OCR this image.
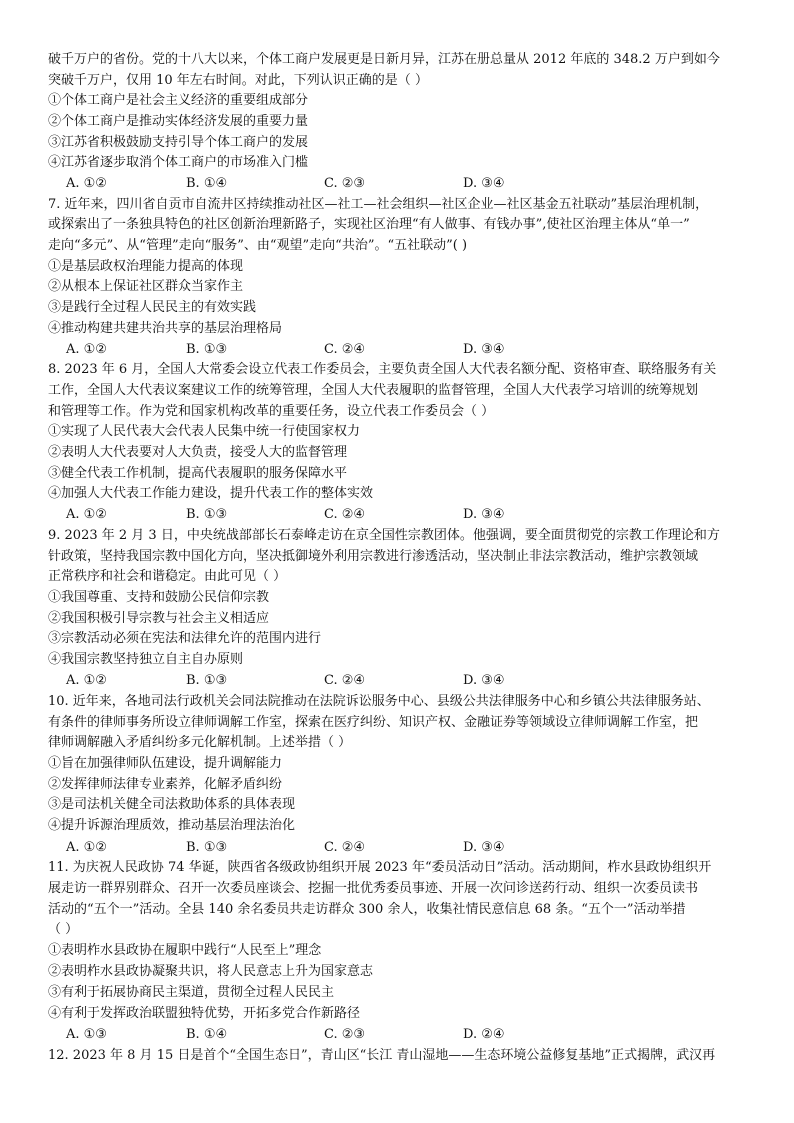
破千万户的省份。党的十八大以来，个体工商户发展更是日新月异，江苏在册总量从 2012 年底的 348.2 万户到如今
突破千万户，仅用 10 年左右时间。对此，下列认识正确的是（ ）
①个体工商户是社会主义经济的重要组成部分
②个体工商户是推动实体经济发展的重要力量
③江苏省积极鼓励支持引导个体工商户的发展
④江苏省逐步取消个体工商户的市场准入门槛
A. ①②	B. ①④	C. ②③	D. ③④
7. 近年来，四川省自贡市自流井区持续推动社区—社工—社会组织—社区企业—社区基金五社联动”基层治理机制，
或探索出了一条独具特色的社区创新治理新路子，实现社区治理“有人做事、有钱办事”,使社区治理主体从“单一”
走向“多元”、从“管理”走向“服务”、由“观望”走向“共治”。“五社联动”( )
①是基层政权治理能力提高的体现
②从根本上保证社区群众当家作主
③是践行全过程人民民主的有效实践
④推动构建共建共治共享的基层治理格局
A. ①②	B. ①③	C. ②④	D. ③④
8. 2023 年 6 月，全国人大常委会设立代表工作委员会，主要负责全国人大代表名额分配、资格审查、联络服务有关
工作，全国人大代表议案建议工作的统筹管理，全国人大代表履职的监督管理，全国人大代表学习培训的统筹规划
和管理等工作。作为党和国家机构改革的重要任务，设立代表工作委员会（ ）
①实现了人民代表大会代表人民集中统一行使国家权力
②表明人大代表要对人大负责，接受人大的监督管理
③健全代表工作机制，提高代表履职的服务保障水平
④加强人大代表工作能力建设，提升代表工作的整体实效
A. ①②	B. ①③	C. ②④	D. ③④
9. 2023 年 2 月 3 日，中央统战部部长石泰峰走访在京全国性宗教团体。他强调，要全面贯彻党的宗教工作理论和方
针政策，坚持我国宗教中国化方向，坚决抵御境外利用宗教进行渗透活动，坚决制止非法宗教活动，维护宗教领域
正常秩序和社会和谐稳定。由此可见（ ）
①我国尊重、支持和鼓励公民信仰宗教
②我国积极引导宗教与社会主义相适应
③宗教活动必须在宪法和法律允许的范围内进行
④我国宗教坚持独立自主自办原则
A. ①②	B. ①③	C. ②④	D. ③④
10. 近年来，各地司法行政机关会同法院推动在法院诉讼服务中心、县级公共法律服务中心和乡镇公共法律服务站、
有条件的律师事务所设立律师调解工作室，探索在医疗纠纷、知识产权、金融证券等领域设立律师调解工作室，把
律师调解融入矛盾纠纷多元化解机制。上述举措（ ）
①旨在加强律师队伍建设，提升调解能力
②发挥律师法律专业素养，化解矛盾纠纷
③是司法机关健全司法救助体系的具体表现
④提升诉源治理质效，推动基层治理法治化
A. ①②	B. ①③	C. ②④	D. ③④
11. 为庆祝人民政协 74 华诞，陕西省各级政协组织开展 2023 年“委员活动日”活动。活动期间，柞水县政协组织开
展走访一群界别群众、召开一次委员座谈会、挖掘一批优秀委员事迹、开展一次问诊送药行动、组织一次委员读书
活动的“五个一”活动。全县 140 余名委员共走访群众 300 余人，收集社情民意信息 68 条。“五个一”活动举措
（ ）
①表明柞水县政协在履职中践行“人民至上”理念
②表明柞水县政协凝聚共识，将人民意志上升为国家意志
③有利于拓展协商民主渠道，贯彻全过程人民民主
④有利于发挥政治联盟独特优势，开拓多党合作新路径
A. ①③	B. ①④	C. ②③	D. ②④
12. 2023 年 8 月 15 日是首个“全国生态日”，青山区“长江 青山湿地——生态环境公益修复基地”正式揭牌，武汉再
